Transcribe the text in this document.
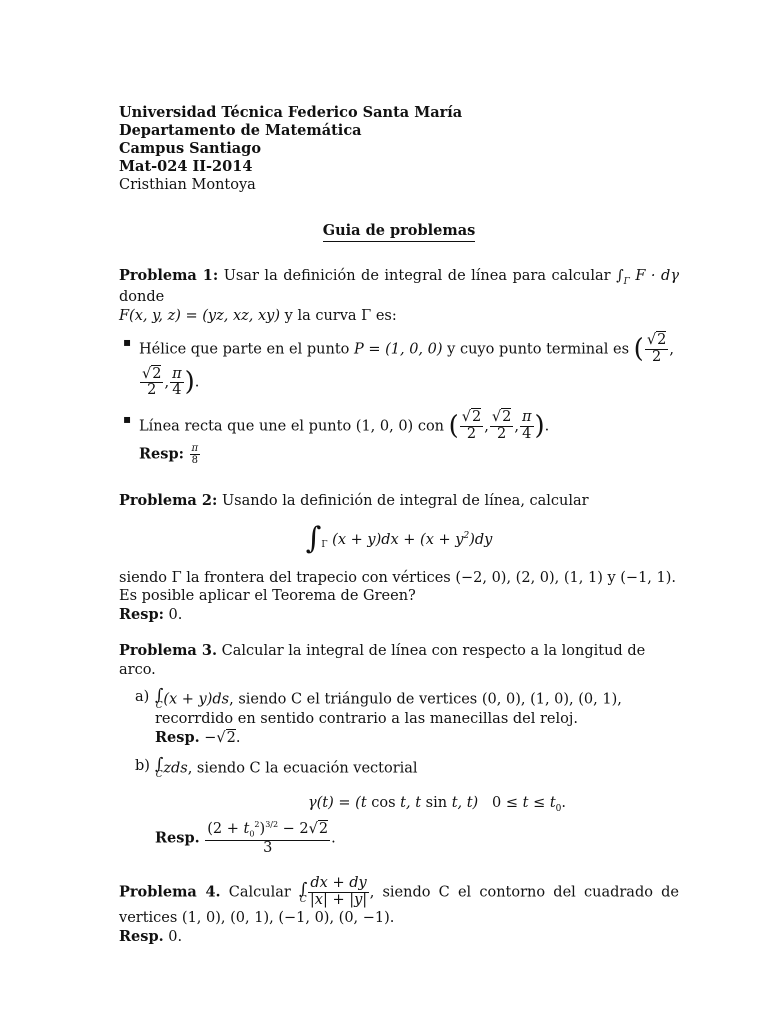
Universidad Técnica Federico Santa María
Departamento de Matemática
Campus Santiago
Mat-024 II-2014
Cristhian Montoya
Guia de problemas
Problema 1: Usar la definición de integral de línea para calcular $\int_\Gamma$ F · dγ donde
F(x, y, z) = (yz, xz, xy) y la curva Γ es:
▪ Hélice que parte en el punto P = (1, 0, 0) y cuyo punto terminal es ( $\frac{√2}{2}$ ,
$\frac{√2}{2}$ , $\frac{\pi}{4}$ ).
▪ Línea recta que une el punto (1, 0, 0) con ( $\frac{√2}{2}$ , $\frac{√2}{2}$ , $\frac{\pi}{4}$ ).
Resp: $\frac{\pi}{8}$
Problema 2: Usando la definición de integral de línea, calcular
$\int_\Gamma$ $(x + y)dx + (x + y^2)dy$
siendo Γ la frontera del trapecio con vértices (−2, 0), (2, 0), (1, 1) y (−1, 1).
Es posible aplicar el Teorema de Green?
Resp: 0.
Problema 3. Calcular la integral de línea con respecto a la longitud de arco.
a) ∫
C (x + y)ds, siendo C el triángulo de vertices (0, 0), (1, 0), (0, 1), recorrdido en sentido contrario a las manecillas del reloj.
Resp. −√2.
b) ∫
C zds, siendo C la ecuación vectorial
γ(t) = (t cos t, t sin t, t)   $0 \le t \le t_0$.
Resp. $\frac{(2 + t_0^2)^{3/2} - 2√2}{3}$ .
Problema 4. Calcular ∫
C $\frac{dx + dy}{|x| + |y|}$ , siendo C el contorno del cuadrado de vertices (1, 0), (0, 1), (−1, 0), (0, −1).
Resp. 0.
